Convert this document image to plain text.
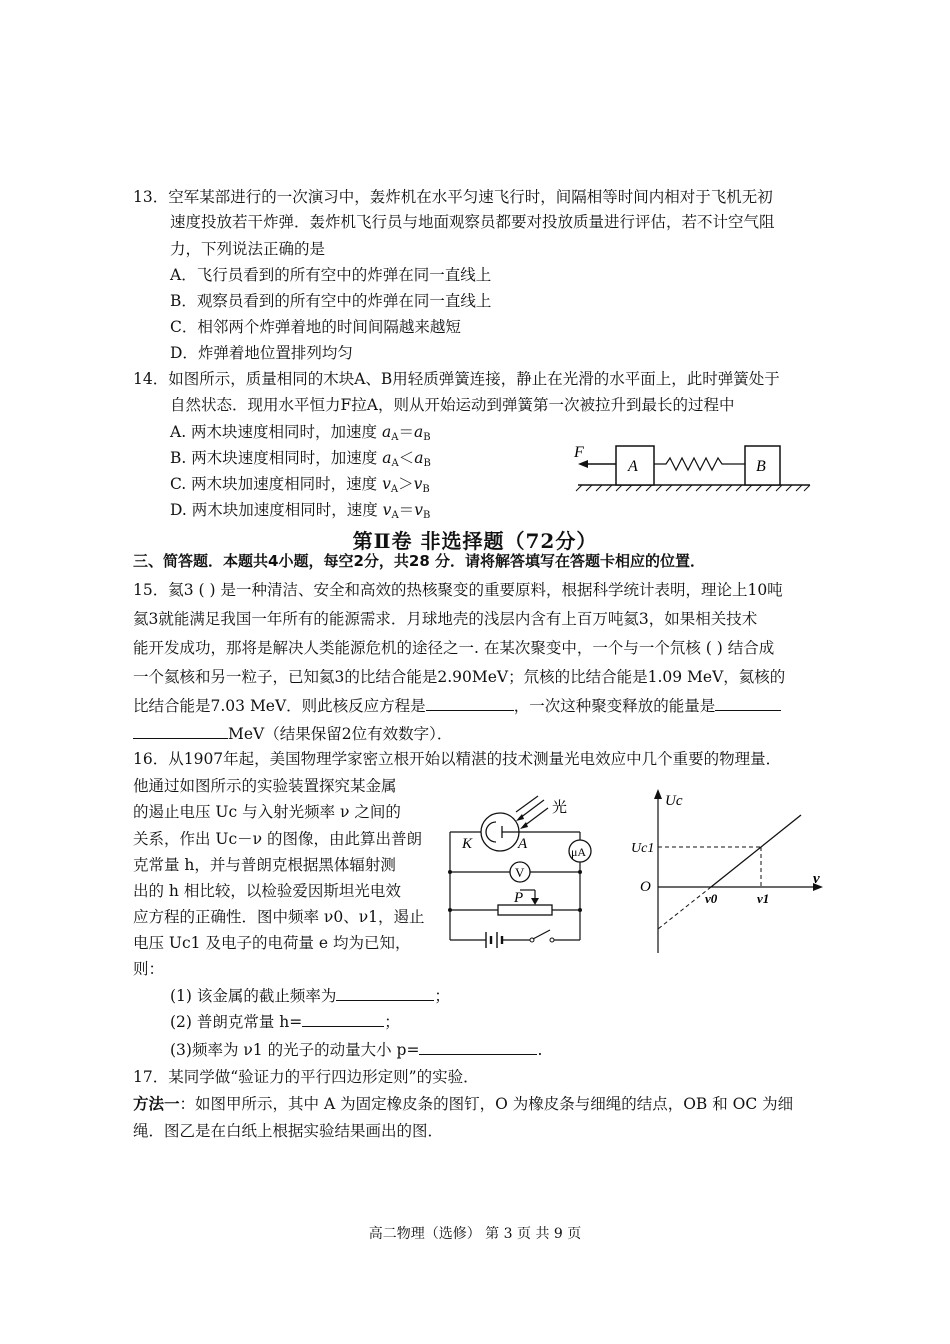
13．空军某部进行的一次演习中，轰炸机在水平匀速飞行时，间隔相等时间内相对于飞机无初
速度投放若干炸弹．轰炸机飞行员与地面观察员都要对投放质量进行评估，若不计空气阻
力，下列说法正确的是
A．飞行员看到的所有空中的炸弹在同一直线上
B．观察员看到的所有空中的炸弹在同一直线上
C．相邻两个炸弹着地的时间间隔越来越短
D．炸弹着地位置排列均匀
14．如图所示，质量相同的木块A、B用轻质弹簧连接，静止在光滑的水平面上，此时弹簧处于
自然状态．现用水平恒力F拉A，则从开始运动到弹簧第一次被拉升到最长的过程中
A. 两木块速度相同时，加速度 $a_A=a_B$
B. 两木块速度相同时，加速度 $a_A<a_B$
C. 两木块加速度相同时，速度 $v_A>v_B$
D. 两木块加速度相同时，速度 $v_A=v_B$
F
A	B
第Ⅱ卷 非选择题（72分）
三、简答题．本题共4小题，每空2分，共28 分．请将解答填写在答题卡相应的位置．
15．氦3 ( ) 是一种清洁、安全和高效的热核聚变的重要原料，根据科学统计表明，理论上10吨
氦3就能满足我国一年所有的能源需求．月球地壳的浅层内含有上百万吨氦3，如果相关技术
能开发成功，那将是解决人类能源危机的途径之一. 在某次聚变中，一个与一个氘核 ( ) 结合成
一个氦核和另一粒子，已知氦3的比结合能是2.90MeV；氘核的比结合能是1.09 MeV，氦核的
比结合能是7.03 MeV．则此核反应方程是	，一次这种聚变释放的能量是
MeV（结果保留2位有效数字）．
16．从1907年起，美国物理学家密立根开始以精湛的技术测量光电效应中几个重要的物理量．
他通过如图所示的实验装置探究某金属
的遏止电压 Uc 与入射光频率 ν 之间的
关系，作出 Uc－ν 的图像，由此算出普朗
克常量 h，并与普朗克根据黑体辐射测
出的 h 相比较，以检验爱因斯坦光电效
应方程的正确性．图中频率 ν0、ν1，遏止
电压 Uc1 及电子的电荷量 e 均为已知，
则：
光
K	A	μA
V
P
Uc
ν
O
Uc1
ν0	ν1
(1) 该金属的截止频率为	；
(2) 普朗克常量 h=	；
(3)频率为 ν1 的光子的动量大小 p=	.
17．某同学做“验证力的平行四边形定则”的实验．
方法一：如图甲所示，其中 A 为固定橡皮条的图钉，O 为橡皮条与细绳的结点，OB 和 OC 为细
绳．图乙是在白纸上根据实验结果画出的图．
高二物理（选修） 第 3 页 共 9 页
